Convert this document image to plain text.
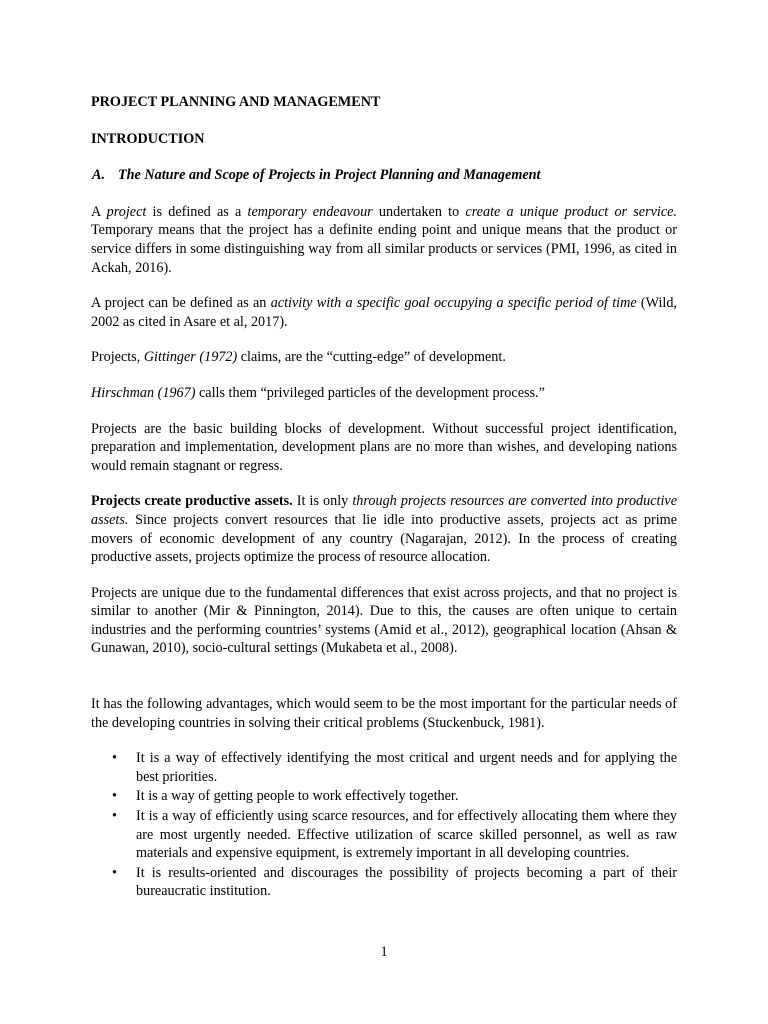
PROJECT PLANNING AND MANAGEMENT
INTRODUCTION
A. The Nature and Scope of Projects in Project Planning and Management

A project is defined as a temporary endeavour undertaken to create a unique product or service. Temporary means that the project has a definite ending point and unique means that the product or service differs in some distinguishing way from all similar products or services (PMI, 1996, as cited in Ackah, 2016).

A project can be defined as an activity with a specific goal occupying a specific period of time (Wild, 2002 as cited in Asare et al, 2017).

Projects, Gittinger (1972) claims, are the “cutting-edge” of development.

Hirschman (1967) calls them “privileged particles of the development process.”

Projects are the basic building blocks of development. Without successful project identification, preparation and implementation, development plans are no more than wishes, and developing nations would remain stagnant or regress.

Projects create productive assets. It is only through projects resources are converted into productive assets. Since projects convert resources that lie idle into productive assets, projects act as prime movers of economic development of any country (Nagarajan, 2012). In the process of creating productive assets, projects optimize the process of resource allocation.

Projects are unique due to the fundamental differences that exist across projects, and that no project is similar to another (Mir & Pinnington, 2014). Due to this, the causes are often unique to certain industries and the performing countries’ systems (Amid et al., 2012), geographical location (Ahsan & Gunawan, 2010), socio-cultural settings (Mukabeta et al., 2008).

It has the following advantages, which would seem to be the most important for the particular needs of the developing countries in solving their critical problems (Stuckenbuck, 1981).

• It is a way of effectively identifying the most critical and urgent needs and for applying the best priorities.
• It is a way of getting people to work effectively together.
• It is a way of efficiently using scarce resources, and for effectively allocating them where they are most urgently needed. Effective utilization of scarce skilled personnel, as well as raw materials and expensive equipment, is extremely important in all developing countries.
• It is results-oriented and discourages the possibility of projects becoming a part of their bureaucratic institution.
1
